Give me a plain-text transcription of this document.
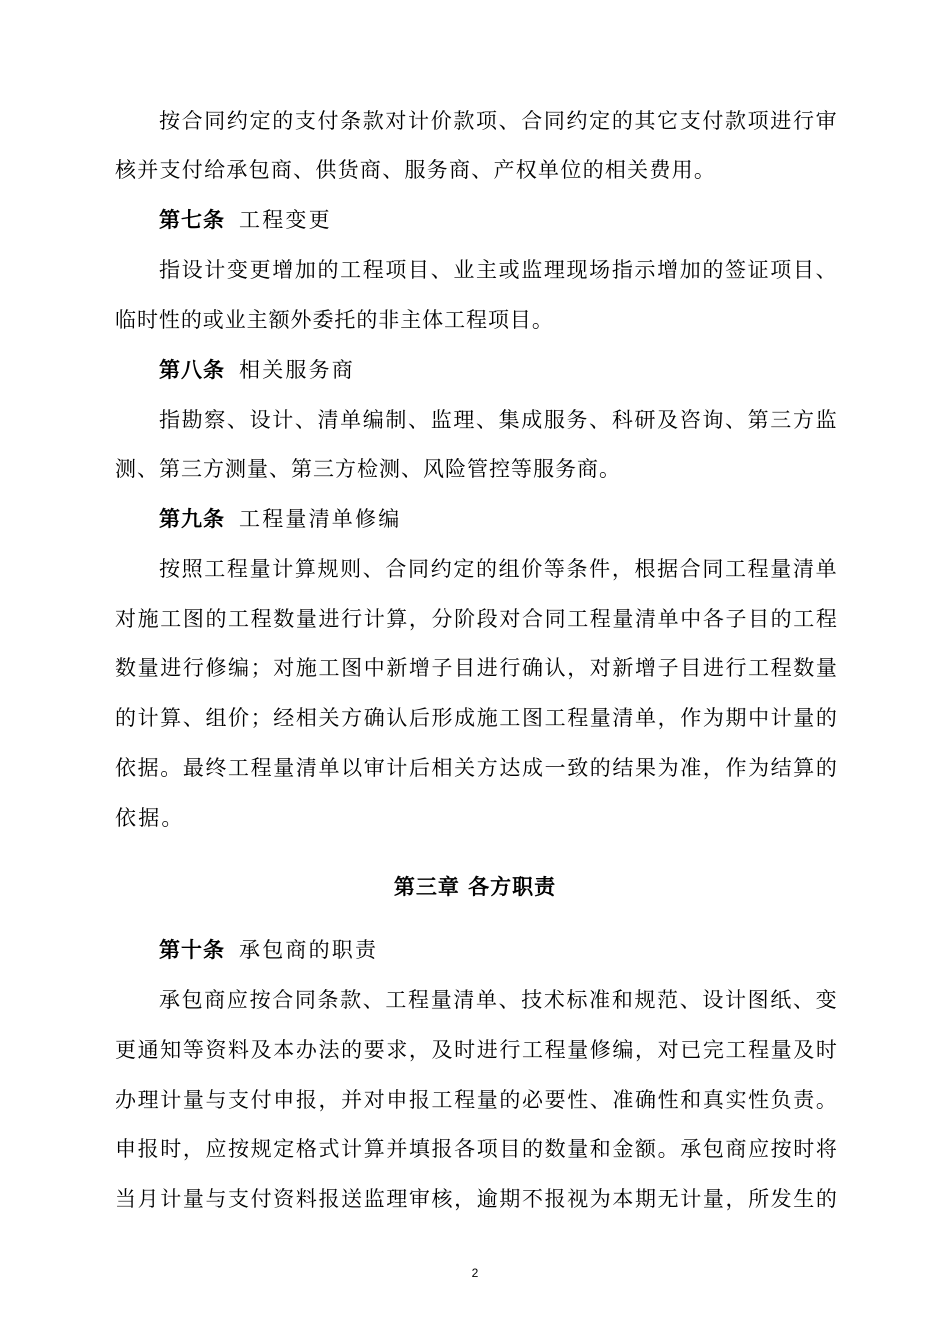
按 合 同 约 定 的 支 付 条 款 对 计 价 款 项 、 合 同 约 定 的 其 它 支 付 款 项 进 行 审
核 并 支 付 给 承 包 商 、 供 货 商 、 服 务 商 、 产 权 单 位 的 相 关 费 用 。
第七条 工程变更
指 设 计 变 更 增 加 的 工 程 项 目 、 业 主 或 监 理 现 场 指 示 增 加 的 签 证 项 目 、
临 时 性 的 或 业 主 额 外 委 托 的 非 主 体 工 程 项 目 。
第八条 相关服务商
指 勘 察 、 设 计 、 清 单 编 制 、 监 理 、 集 成 服 务 、 科 研 及 咨 询 、 第 三 方 监
测 、 第 三 方 测 量 、 第 三 方 检 测 、 风 险 管 控 等 服 务 商 。
第九条 工程量清单修编
按 照 工 程 量 计 算 规 则 、 合 同 约 定 的 组 价 等 条 件 ， 根 据 合 同 工 程 量 清 单
对 施 工 图 的 工 程 数 量 进 行 计 算 ， 分 阶 段 对 合 同 工 程 量 清 单 中 各 子 目 的 工 程
数 量 进 行 修 编 ； 对 施 工 图 中 新 增 子 目 进 行 确 认 ， 对 新 增 子 目 进 行 工 程 数 量
的 计 算 、 组 价 ； 经 相 关 方 确 认 后 形 成 施 工 图 工 程 量 清 单 ， 作 为 期 中 计 量 的
依 据 。 最 终 工 程 量 清 单 以 审 计 后 相 关 方 达 成 一 致 的 结 果 为 准 ， 作 为 结 算 的
依据。
第三章 各方职责
第十条 承包商的职责
承 包 商 应 按 合 同 条 款 、 工 程 量 清 单 、 技 术 标 准 和 规 范 、 设 计 图 纸 、 变
更 通 知 等 资 料 及 本 办 法 的 要 求 ， 及 时 进 行 工 程 量 修 编 ， 对 已 完 工 程 量 及 时
办 理 计 量 与 支 付 申 报 ， 并 对 申 报 工 程 量 的 必 要 性 、 准 确 性 和 真 实 性 负 责 。
申 报 时 ， 应 按 规 定 格 式 计 算 并 填 报 各 项 目 的 数 量 和 金 额 。 承 包 商 应 按 时 将
当 月 计 量 与 支 付 资 料 报 送 监 理 审 核 ， 逾 期 不 报 视 为 本 期 无 计 量 ， 所 发 生 的
2
